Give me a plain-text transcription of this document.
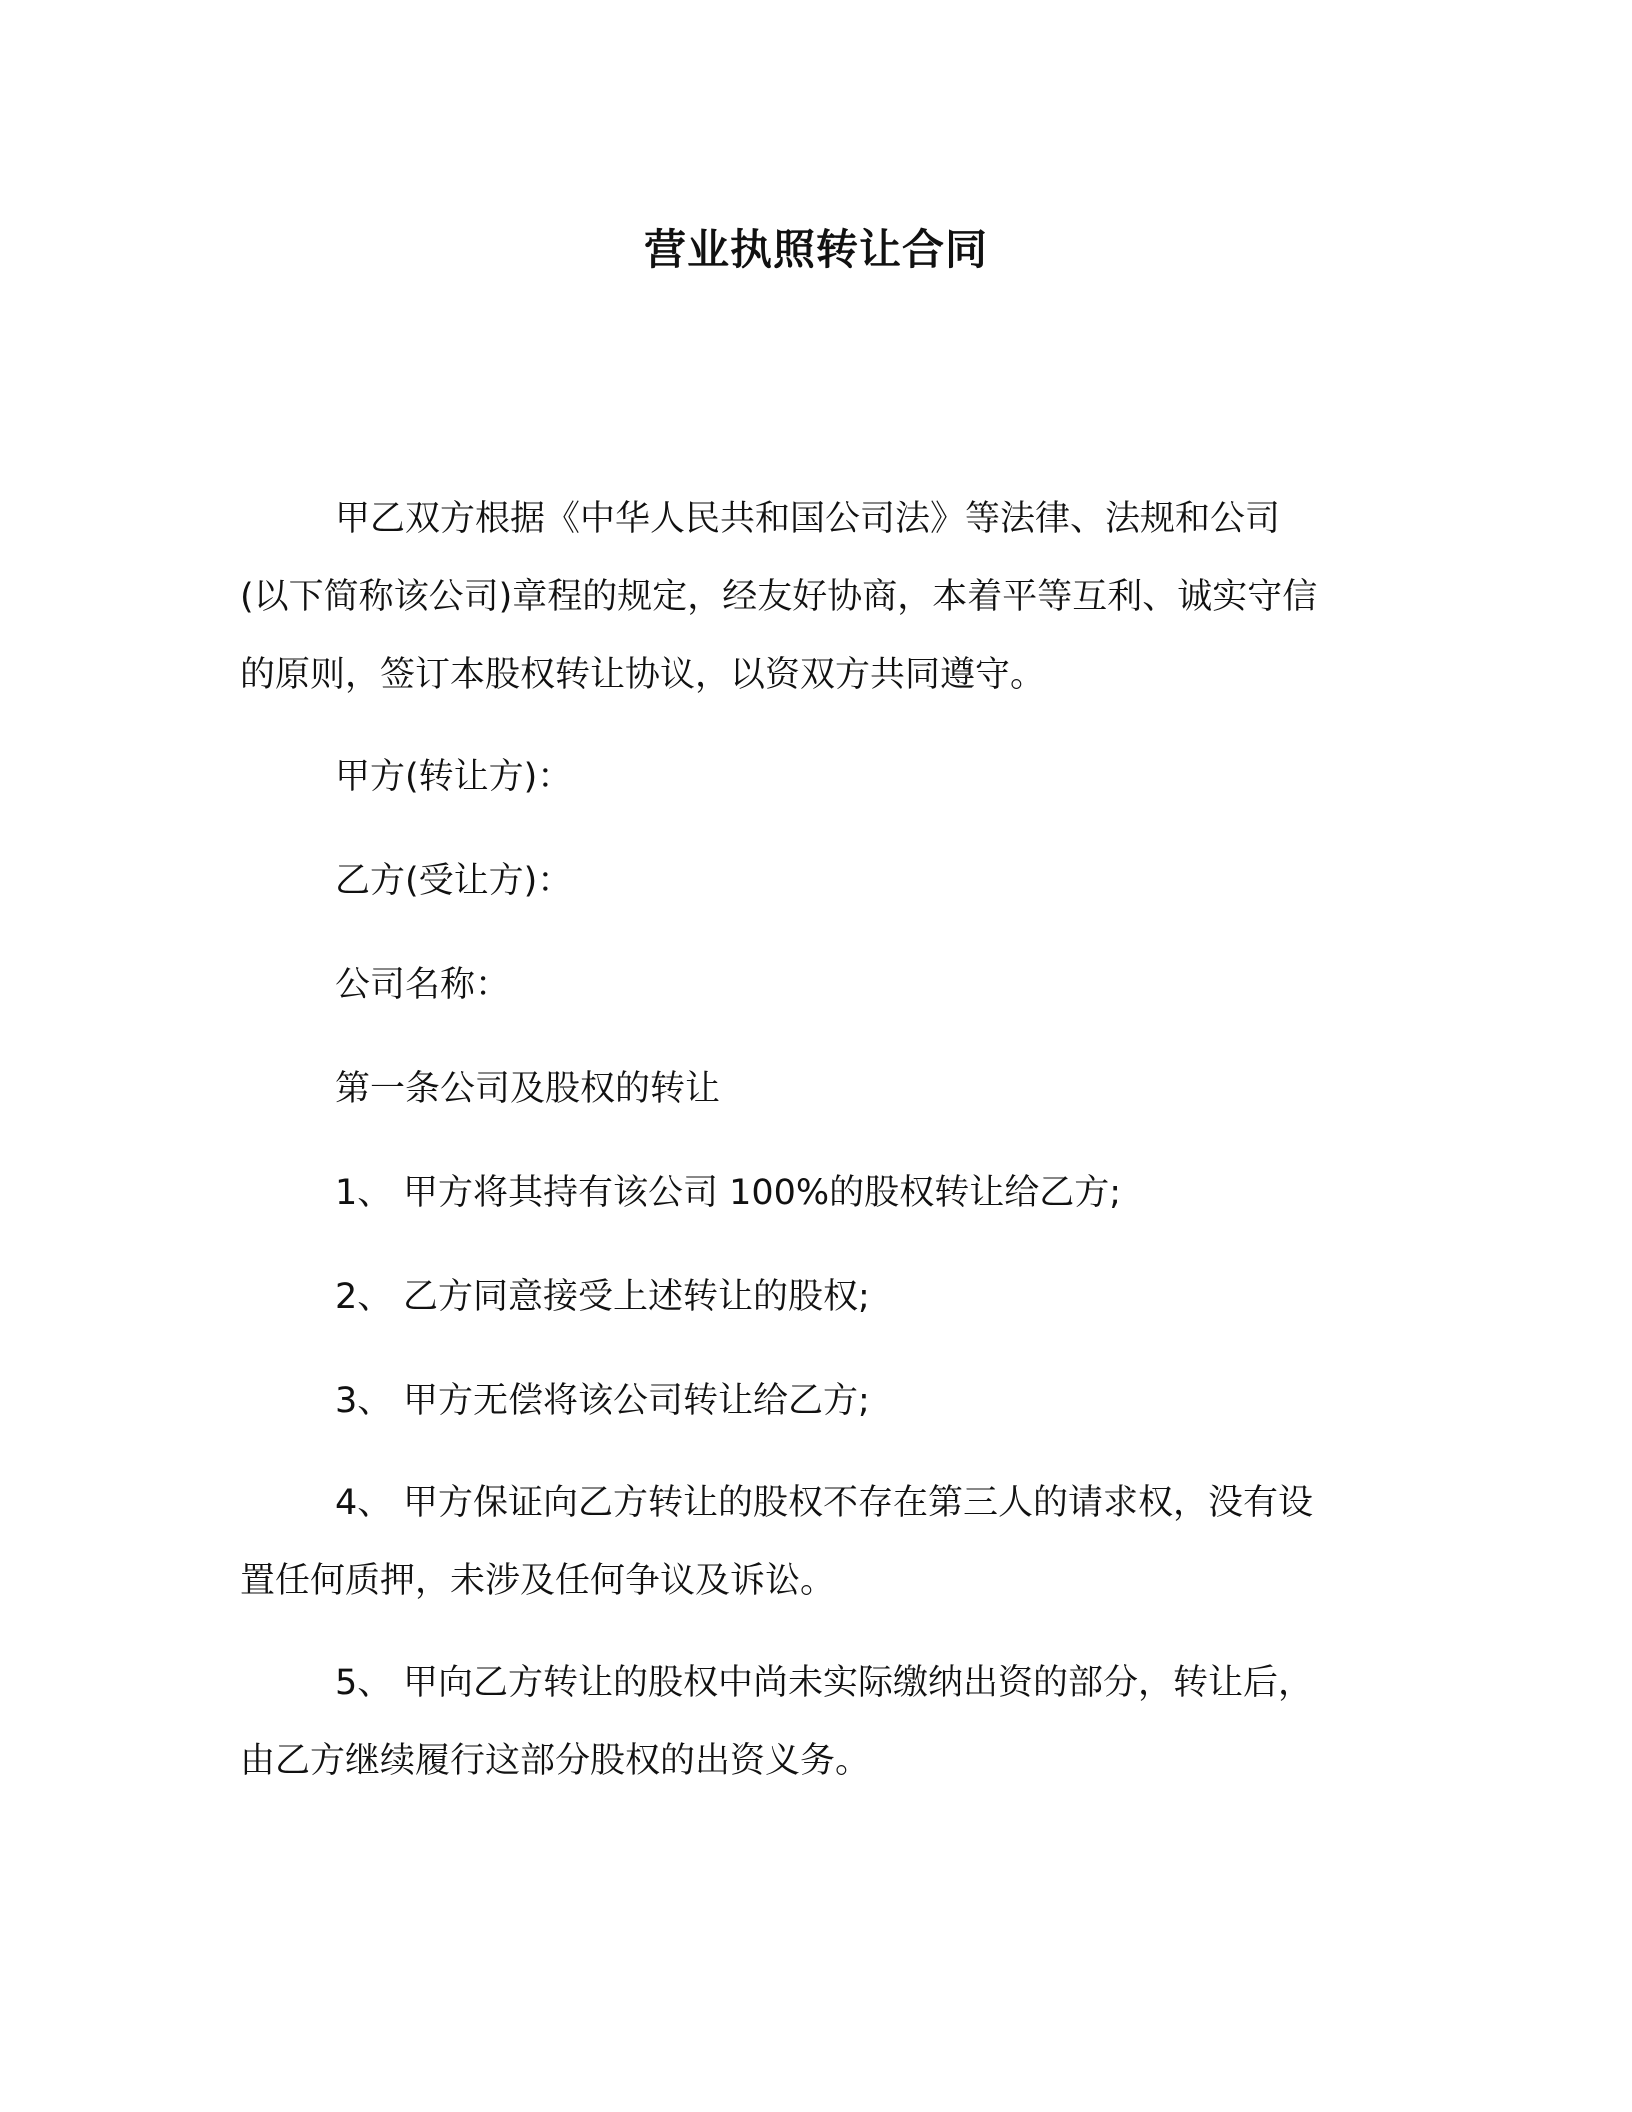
营业执照转让合同

甲乙双方根据《中华人民共和国公司法》等法律、法规和公司

(以下简称该公司)章程的规定，经友好协商，本着平等互利、诚实守信

的原则，签订本股权转让协议，以资双方共同遵守。

甲方(转让方)：

乙方(受让方)：

公司名称：

第一条公司及股权的转让

1、 甲方将其持有该公司 100%的股权转让给乙方;

2、 乙方同意接受上述转让的股权;

3、 甲方无偿将该公司转让给乙方;

4、 甲方保证向乙方转让的股权不存在第三人的请求权，没有设

置任何质押，未涉及任何争议及诉讼。

5、 甲向乙方转让的股权中尚未实际缴纳出资的部分，转让后，

由乙方继续履行这部分股权的出资义务。
